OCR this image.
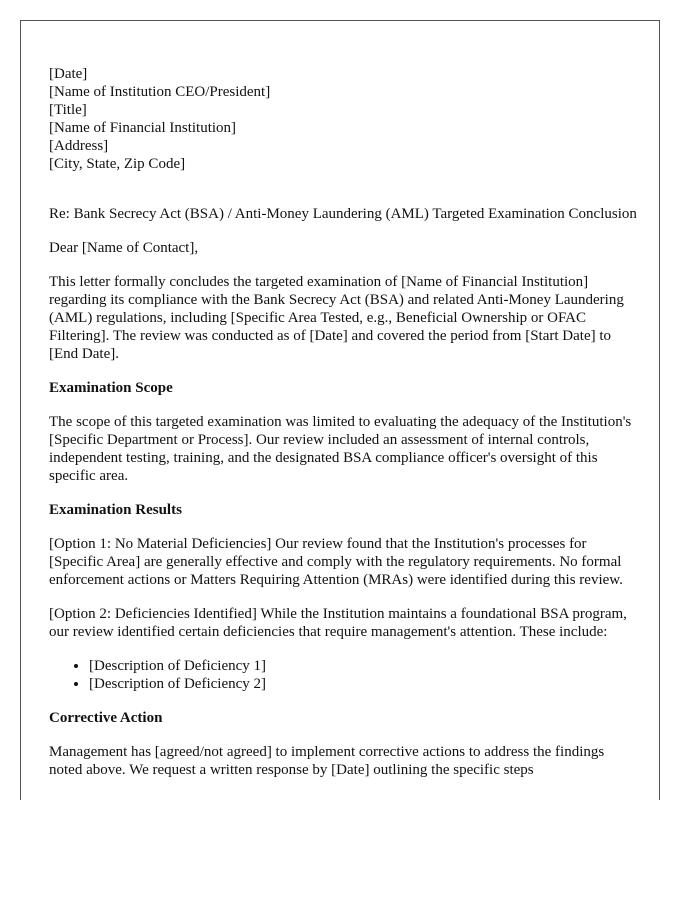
[Date]
[Name of Institution CEO/President]
[Title]
[Name of Financial Institution]
[Address]
[City, State, Zip Code]

Re: Bank Secrecy Act (BSA) / Anti-Money Laundering (AML) Targeted Examination Conclusion

Dear [Name of Contact],

This letter formally concludes the targeted examination of [Name of Financial Institution] regarding its compliance with the Bank Secrecy Act (BSA) and related Anti-Money Laundering (AML) regulations, including [Specific Area Tested, e.g., Beneficial Ownership or OFAC Filtering]. The review was conducted as of [Date] and covered the period from [Start Date] to [End Date].

Examination Scope

The scope of this targeted examination was limited to evaluating the adequacy of the Institution's [Specific Department or Process]. Our review included an assessment of internal controls, independent testing, training, and the designated BSA compliance officer's oversight of this specific area.

Examination Results

[Option 1: No Material Deficiencies] Our review found that the Institution's processes for [Specific Area] are generally effective and comply with the regulatory requirements. No formal enforcement actions or Matters Requiring Attention (MRAs) were identified during this review.

[Option 2: Deficiencies Identified] While the Institution maintains a foundational BSA program, our review identified certain deficiencies that require management's attention. These include:

• [Description of Deficiency 1]
• [Description of Deficiency 2]

Corrective Action

Management has [agreed/not agreed] to implement corrective actions to address the findings noted above. We request a written response by [Date] outlining the specific steps
